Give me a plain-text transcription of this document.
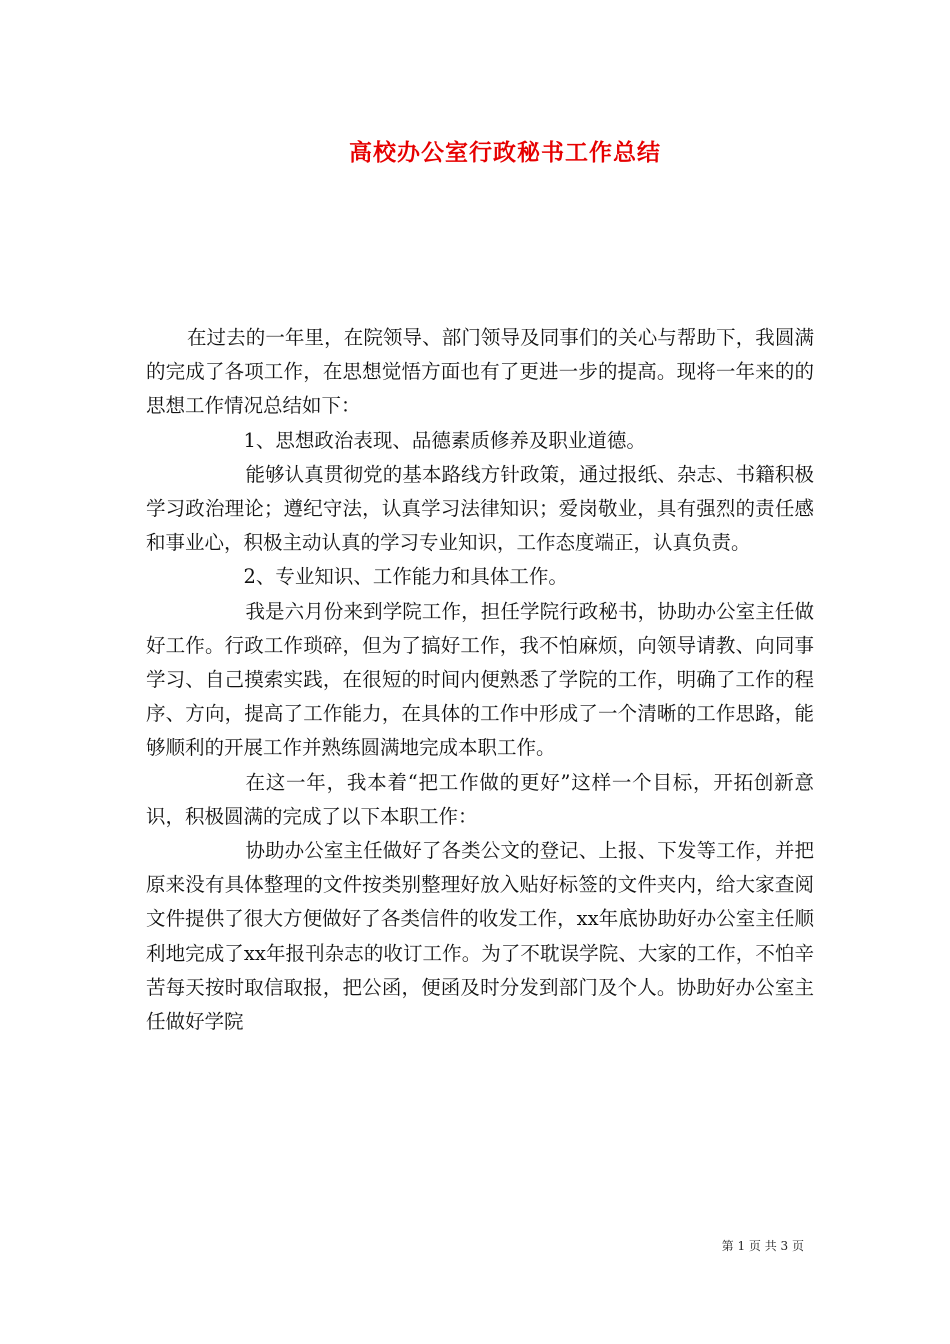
高校办公室行政秘书工作总结

在过去的一年里，在院领导、部门领导及同事们的关心与帮助下，我圆满的完成了各项工作，在思想觉悟方面也有了更进一步的提高。现将一年来的的思想工作情况总结如下：

1、思想政治表现、品德素质修养及职业道德。

能够认真贯彻党的基本路线方针政策，通过报纸、杂志、书籍积极学习政治理论；遵纪守法，认真学习法律知识；爱岗敬业，具有强烈的责任感和事业心，积极主动认真的学习专业知识，工作态度端正，认真负责。

2、专业知识、工作能力和具体工作。

我是六月份来到学院工作，担任学院行政秘书，协助办公室主任做好工作。行政工作琐碎，但为了搞好工作，我不怕麻烦，向领导请教、向同事学习、自己摸索实践，在很短的时间内便熟悉了学院的工作，明确了工作的程序、方向，提高了工作能力，在具体的工作中形成了一个清晰的工作思路，能够顺利的开展工作并熟练圆满地完成本职工作。

在这一年，我本着“把工作做的更好”这样一个目标，开拓创新意识，积极圆满的完成了以下本职工作：

协助办公室主任做好了各类公文的登记、上报、下发等工作，并把原来没有具体整理的文件按类别整理好放入贴好标签的文件夹内，给大家查阅文件提供了很大方便做好了各类信件的收发工作，xx年底协助好办公室主任顺利地完成了xx年报刊杂志的收订工作。为了不耽误学院、大家的工作，不怕辛苦每天按时取信取报，把公函，便函及时分发到部门及个人。协助好办公室主任做好学院

第 1 页 共 3 页
